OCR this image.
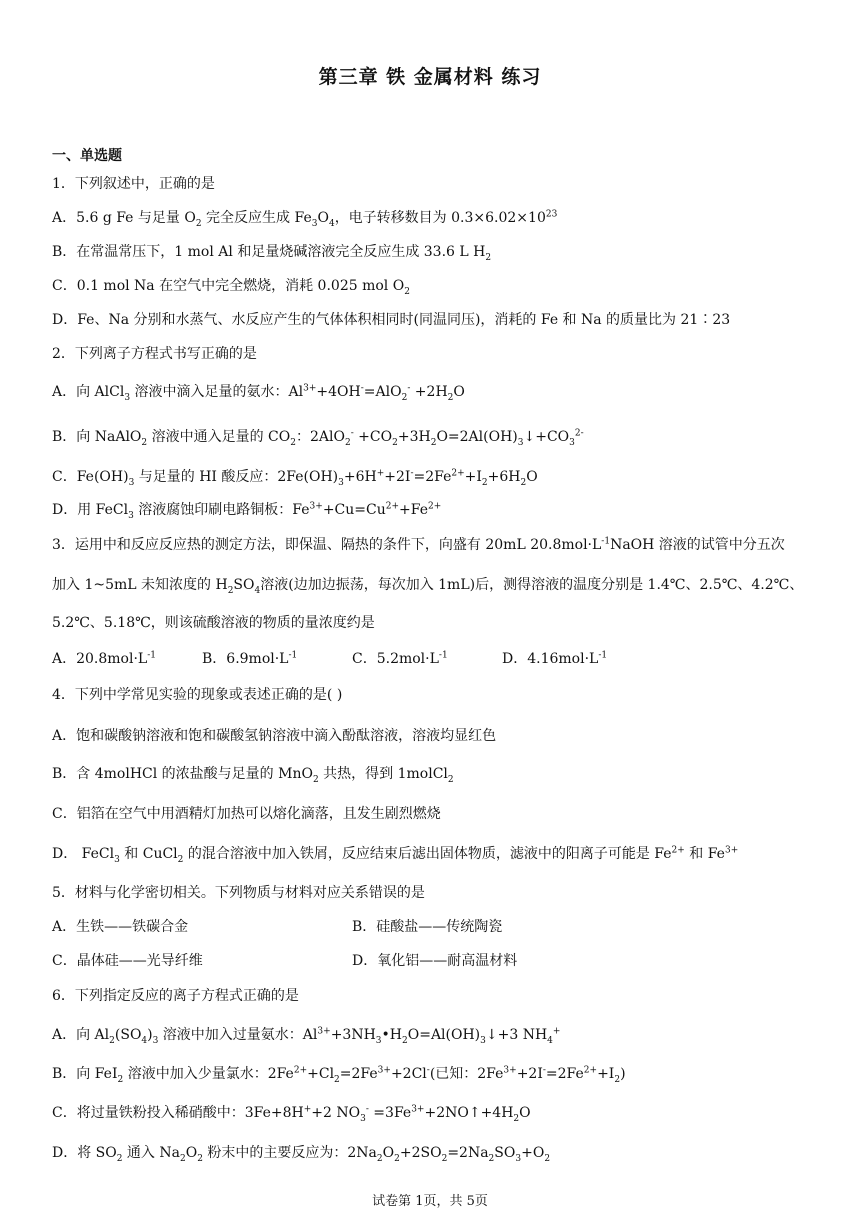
第三章 铁 金属材料 练习
一、单选题
1．下列叙述中，正确的是
A．5.6 g Fe 与足量 $O_2$ 完全反应生成 $Fe_3O_4$，电子转移数目为 $0.3\times 6.02\times 10^{23}$
B．在常温常压下，1 mol Al 和足量烧碱溶液完全反应生成 33.6 L $H_2$
C．0.1 mol Na 在空气中完全燃烧，消耗 0.025 mol $O_2$
D．Fe、Na 分别和水蒸气、水反应产生的气体体积相同时(同温同压)，消耗的 Fe 和 Na 的质量比为 21∶23
2．下列离子方程式书写正确的是
A．向 AlCl$_3$ 溶液中滴入足量的氨水：$Al^{3+}+4OH^-=AlO_2^- +2H_2O$
B．向 NaAlO$_2$ 溶液中通入足量的 $CO_2$：$2AlO_2^- +CO_2+3H_2O=2Al(OH)_3↓+CO_3^{2-}$
C．$Fe(OH)_3$ 与足量的 HI 酸反应：$2Fe(OH)_3+6H^++2I^-=2Fe^{2+}+I_2+6H_2O$
D．用 FeCl$_3$ 溶液腐蚀印刷电路铜板：$Fe^{3+}+Cu=Cu^{2+}+Fe^{2+}$
3．运用中和反应反应热的测定方法，即保温、隔热的条件下，向盛有 20mL $20.8mol\cdot L^{-1}NaOH$ 溶液的试管中分五次
加入 1~5mL 未知浓度的 $H_2SO_4$溶液(边加边振荡，每次加入 1mL)后，测得溶液的温度分别是 1.4℃、2.5℃、4.2℃、
5.2℃、5.18℃，则该硫酸溶液的物质的量浓度约是
A．$20.8mol\cdot L^{-1}$	B．$6.9mol\cdot L^{-1}$	C．$5.2mol\cdot L^{-1}$	D．$4.16mol\cdot L^{-1}$
4．下列中学常见实验的现象或表述正确的是( )
A．饱和碳酸钠溶液和饱和碳酸氢钠溶液中滴入酚酞溶液，溶液均显红色
B．含 4molHCl 的浓盐酸与足量的 MnO$_2$ 共热，得到 1molCl$_2$
C．铝箔在空气中用酒精灯加热可以熔化滴落，且发生剧烈燃烧
D． FeCl$_3$ 和 CuCl$_2$ 的混合溶液中加入铁屑，反应结束后滤出固体物质，滤液中的阳离子可能是 $Fe^{2+}$ 和 $Fe^{3+}$
5．材料与化学密切相关。下列物质与材料对应关系错误的是
A．生铁——铁碳合金	B．硅酸盐——传统陶瓷
C．晶体硅——光导纤维	D．氧化铝——耐高温材料
6．下列指定反应的离子方程式正确的是
A．向 $Al_2(SO_4)_3$ 溶液中加入过量氨水：$Al^{3+}+3NH_3•H_2O=Al(OH)_3↓+3$ $NH_4^+$
B．向 FeI$_2$ 溶液中加入少量氯水：$2Fe^{2+}+Cl_2=2Fe^{3+}+2Cl^-$(已知：$2Fe^{3+}+2I^-=2Fe^{2+}+I_2$)
C．将过量铁粉投入稀硝酸中：3Fe+8H++2 $NO_3^-$ $=3Fe^{3+}+2NO↑+4H_2O$
D．将 $SO_2$ 通入 $Na_2O_2$ 粉末中的主要反应为：$2Na_2O_2+2SO_2=2Na_2SO_3+O_2$
试卷第 1页，共 5页
